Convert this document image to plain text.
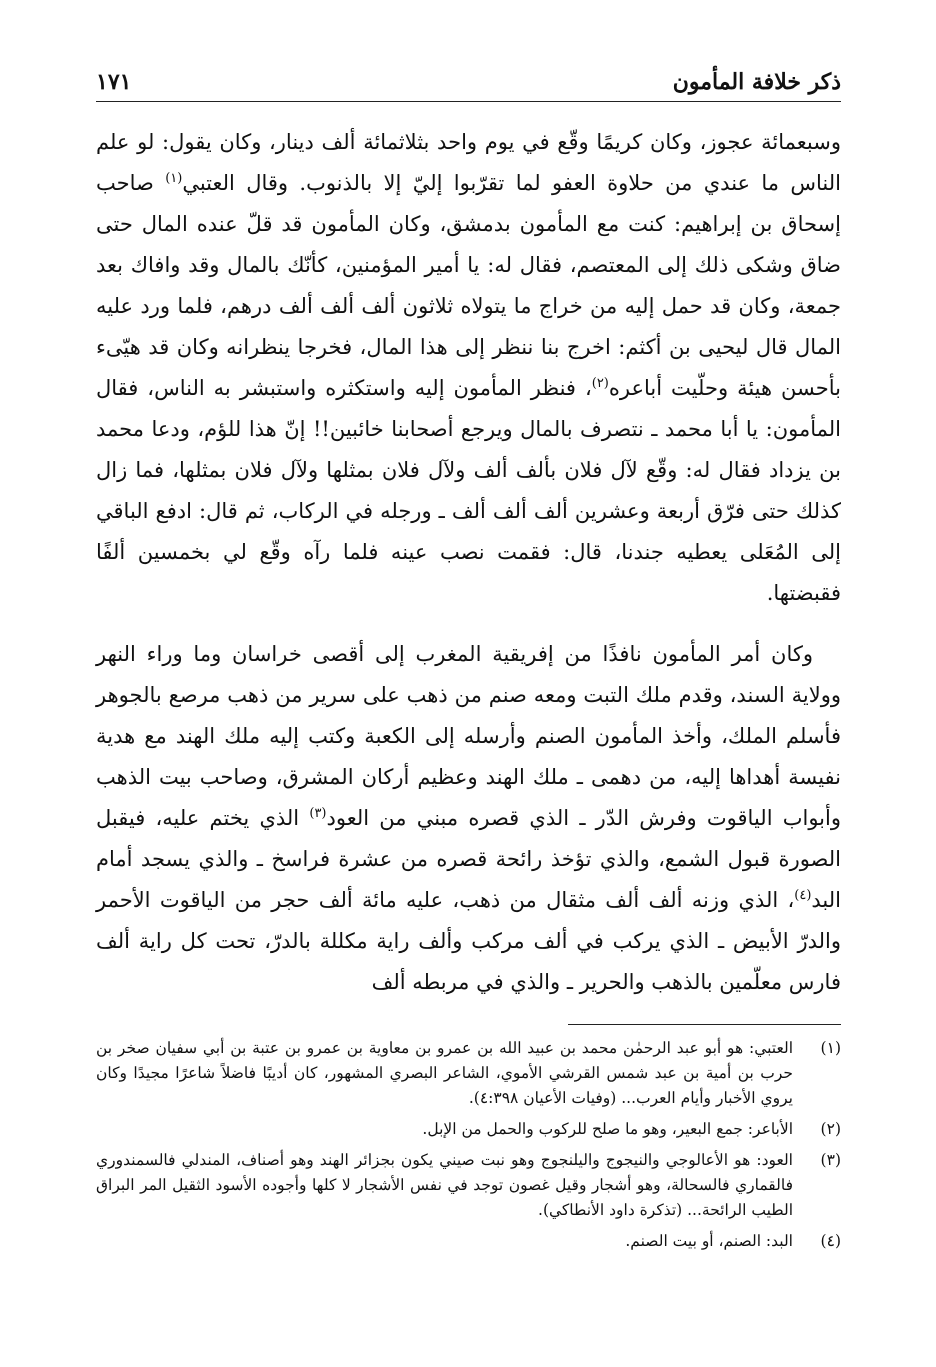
ذكر خلافة المأمون
١٧١

وسبعمائة عجوز، وكان كريمًا وقّع في يوم واحد بثلاثمائة ألف دينار، وكان يقول: لو علم الناس ما عندي من حلاوة العفو لما تقرّبوا إليّ إلا بالذنوب. وقال العتبي$^{(١)}$ صاحب إسحاق بن إبراهيم: كنت مع المأمون بدمشق، وكان المأمون قد قلّ عنده المال حتى ضاق وشكى ذلك إلى المعتصم، فقال له: يا أمير المؤمنين، كأنّك بالمال وقد وافاك بعد جمعة، وكان قد حمل إليه من خراج ما يتولاه ثلاثون ألف ألف ألف درهم، فلما ورد عليه المال قال ليحيى بن أكثم: اخرج بنا ننظر إلى هذا المال، فخرجا ينظرانه وكان قد هيّىء بأحسن هيئة وحلّيت أباعره$^{(٢)}$، فنظر المأمون إليه واستكثره واستبشر به الناس، فقال المأمون: يا أبا محمد ـ نتصرف بالمال ويرجع أصحابنا خائبين!! إنّ هذا للؤم، ودعا محمد بن يزداد فقال له: وقّع لآل فلان بألف ألف ولآل فلان بمثلها ولآل فلان بمثلها، فما زال كذلك حتى فرّق أربعة وعشرين ألف ألف ألف ـ ورجله في الركاب، ثم قال: ادفع الباقي إلى المُعَلى يعطيه جندنا، قال: فقمت نصب عينه فلما رآه وقّع لي بخمسين ألفًا فقبضتها.

وكان أمر المأمون نافذًا من إفريقية المغرب إلى أقصى خراسان وما وراء النهر وولاية السند، وقدم ملك التبت ومعه صنم من ذهب على سرير من ذهب مرصع بالجوهر فأسلم الملك، وأخذ المأمون الصنم وأرسله إلى الكعبة وكتب إليه ملك الهند مع هدية نفيسة أهداها إليه، من دهمى ـ ملك الهند وعظيم أركان المشرق، وصاحب بيت الذهب وأبواب الياقوت وفرش الدّر ـ الذي قصره مبني من العود$^{(٣)}$ الذي يختم عليه، فيقبل الصورة قبول الشمع، والذي تؤخذ رائحة قصره من عشرة فراسخ ـ والذي يسجد أمام البد$^{(٤)}$، الذي وزنه ألف ألف مثقال من ذهب، عليه مائة ألف حجر من الياقوت الأحمر والدرّ الأبيض ـ الذي يركب في ألف مركب وألف راية مكللة بالدرّ، تحت كل راية ألف فارس معلّمين بالذهب والحرير ـ والذي في مربطه ألف

(١)
العتبي: هو أبو عبد الرحمٰن محمد بن عبيد الله بن عمرو بن معاوية بن عمرو بن عتبة بن أبي سفيان صخر بن حرب بن أمية بن عبد شمس القرشي الأموي، الشاعر البصري المشهور، كان أديبًا فاضلاً شاعرًا مجيدًا وكان يروي الأخبار وأيام العرب... (وفيات الأعيان ٤:٣٩٨).
(٢)
الأباعر: جمع البعير، وهو ما صلح للركوب والحمل من الإبل.
(٣)
العود: هو الأعالوجي والنيجوج واليلنجوج وهو نبت صيني يكون بجزائر الهند وهو أصناف، المندلي فالسمندوري فالقماري فالسحالة، وهو أشجار وقيل غصون توجد في نفس الأشجار لا كلها وأجوده الأسود الثقيل المر البراق الطيب الرائحة... (تذكرة داود الأنطاكي).
(٤)
البد: الصنم، أو بيت الصنم.
